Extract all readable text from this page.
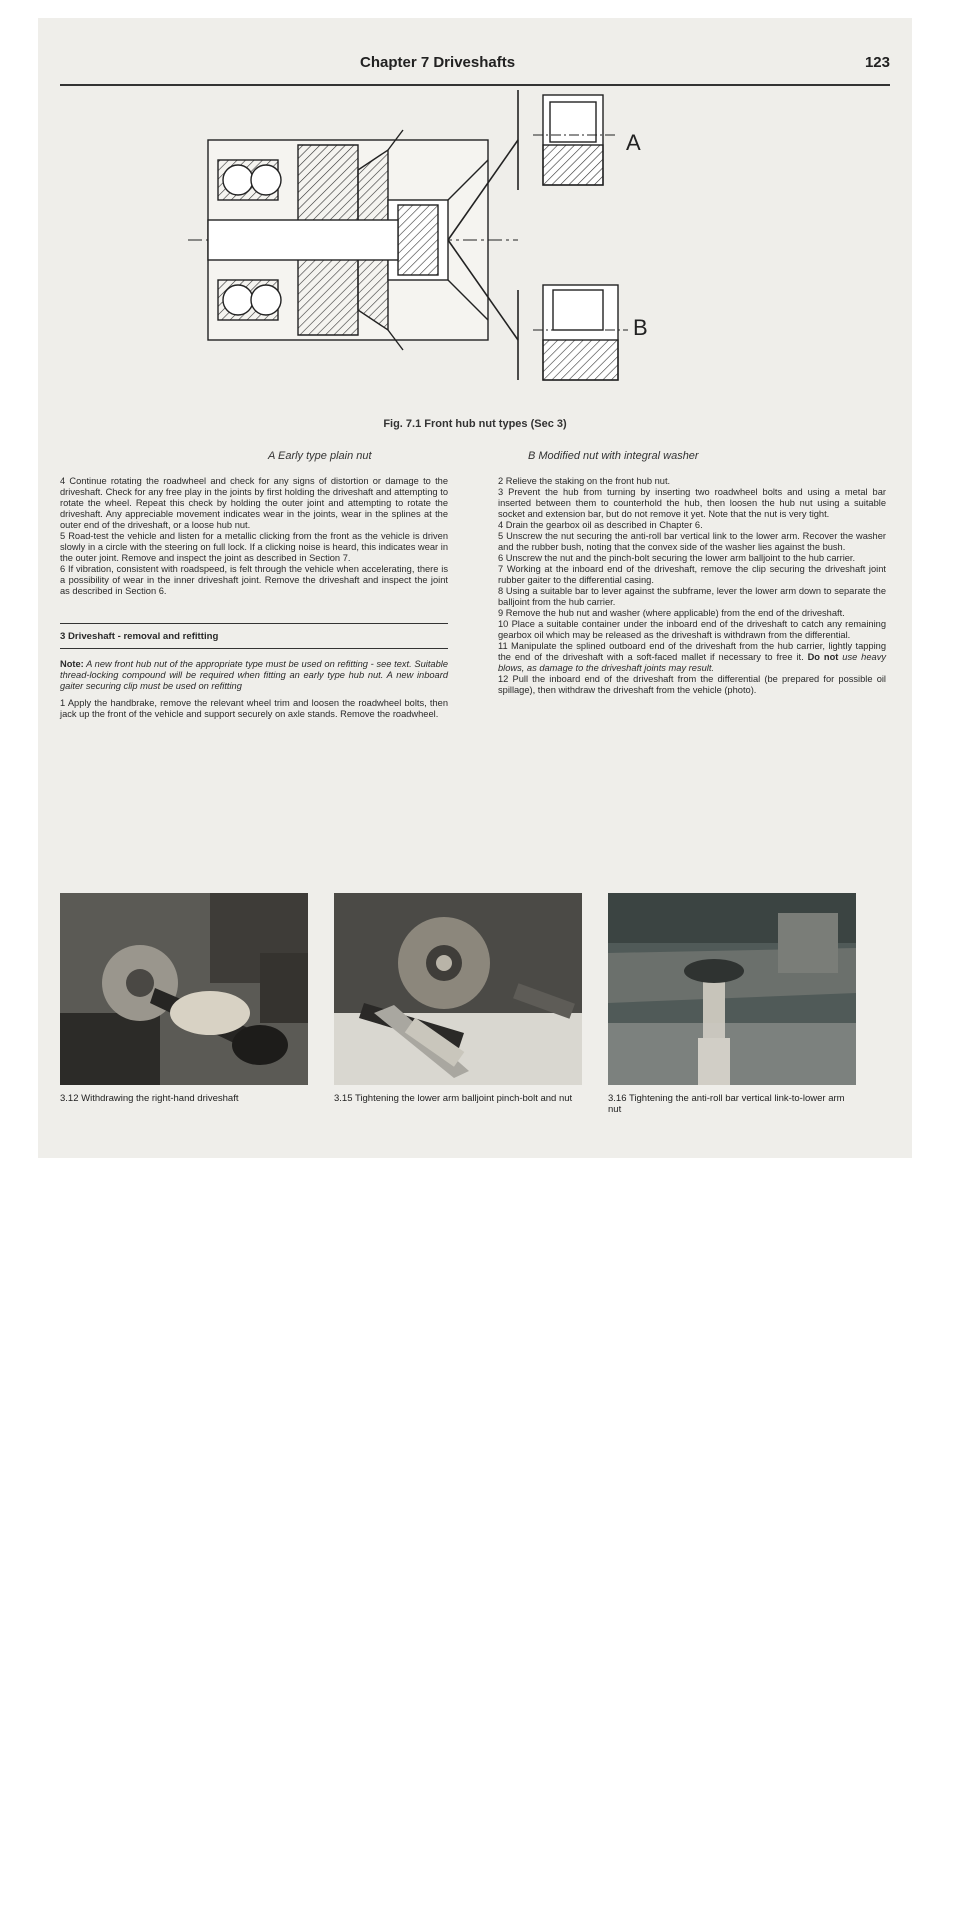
Chapter 7 Driveshafts	123
A
B
Fig. 7.1 Front hub nut types (Sec 3)
A Early type plain nut	B Modified nut with integral washer

4 Continue rotating the roadwheel and check for any signs of distortion or damage to the driveshaft. Check for any free play in the joints by first holding the driveshaft and attempting to rotate the wheel. Repeat this check by holding the outer joint and attempting to rotate the driveshaft. Any appreciable movement indicates wear in the joints, wear in the splines at the outer end of the driveshaft, or a loose hub nut.

5 Road-test the vehicle and listen for a metallic clicking from the front as the vehicle is driven slowly in a circle with the steering on full lock. If a clicking noise is heard, this indicates wear in the outer joint. Remove and inspect the joint as described in Section 7.

6 If vibration, consistent with roadspeed, is felt through the vehicle when accelerating, there is a possibility of wear in the inner driveshaft joint. Remove the driveshaft and inspect the joint as described in Section 6.

3 Driveshaft - removal and refitting

Note: A new front hub nut of the appropriate type must be used on refitting - see text. Suitable thread-locking compound will be required when fitting an early type hub nut. A new inboard gaiter securing clip must be used on refitting

1 Apply the handbrake, remove the relevant wheel trim and loosen the roadwheel bolts, then jack up the front of the vehicle and support securely on axle stands. Remove the roadwheel.

2 Relieve the staking on the front hub nut.

3 Prevent the hub from turning by inserting two roadwheel bolts and using a metal bar inserted between them to counterhold the hub, then loosen the hub nut using a suitable socket and extension bar, but do not remove it yet. Note that the nut is very tight.

4 Drain the gearbox oil as described in Chapter 6.

5 Unscrew the nut securing the anti-roll bar vertical link to the lower arm. Recover the washer and the rubber bush, noting that the convex side of the washer lies against the bush.

6 Unscrew the nut and the pinch-bolt securing the lower arm balljoint to the hub carrier.

7 Working at the inboard end of the driveshaft, remove the clip securing the driveshaft joint rubber gaiter to the differential casing.

8 Using a suitable bar to lever against the subframe, lever the lower arm down to separate the balljoint from the hub carrier.

9 Remove the hub nut and washer (where applicable) from the end of the driveshaft.

10 Place a suitable container under the inboard end of the driveshaft to catch any remaining gearbox oil which may be released as the driveshaft is withdrawn from the differential.

11 Manipulate the splined outboard end of the driveshaft from the hub carrier, lightly tapping the end of the driveshaft with a soft-faced mallet if necessary to free it. Do not use heavy blows, as damage to the driveshaft joints may result.

12 Pull the inboard end of the driveshaft from the differential (be prepared for possible oil spillage), then withdraw the driveshaft from the vehicle (photo).

3.12 Withdrawing the right-hand driveshaft	3.15 Tightening the lower arm balljoint pinch-bolt and nut	3.16 Tightening the anti-roll bar vertical link-to-lower arm nut
